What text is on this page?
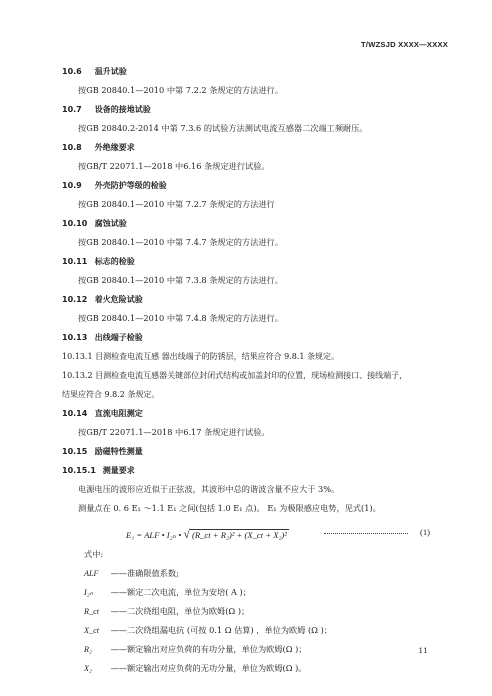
T/WZSJD XXXX—XXXX
10.6 温升试验
按GB 20840.1—2010 中第 7.2.2 条规定的方法进行。
10.7 设备的接地试验
按GB 20840.2-2014 中第 7.3.6 的试验方法测试电流互感器二次端工频耐压。
10.8 外绝缘要求
按GB/T 22071.1—2018 中6.16 条规定进行试验。
10.9 外壳防护等级的检验
按GB 20840.1—2010 中第 7.2.7 条规定的方法进行
10.10 腐蚀试验
按GB 20840.1—2010 中第 7.4.7 条规定的方法进行。
10.11 标志的检验
按GB 20840.1—2010 中第 7.3.8 条规定的方法进行。
10.12 着火危险试验
按GB 20840.1—2010 中第 7.4.8 条规定的方法进行。
10.13 出线端子检验
10.13.1 目测检查电流互感 器出线端子的防锈层，结果应符合 9.8.1 条规定。
10.13.2 目测检查电流互感器关键部位封闭式结构或加盖封印的位置，现场检测接口、接线端子，
结果应符合 9.8.2 条规定。
10.14 直流电阻测定
按GB/T 22071.1—2018 中6.17 条规定进行试验。
10.15 励磁特性测量
10.15.1 测量要求
电源电压的波形应近似于正弦波，其波形中总的谐波含量不应大于 3%。
测量点在 0. 6 E₁ ～1.1 E₁ 之间(包括 1.0 E₁ 点)。 E₁ 为极限感应电势，见式(1)。
E₁ = ALF • I₂ₙ • √ (R_ct + R₂)² + (X_ct + X₂)²	(1)
式中:
ALF ——准确限值系数;
I₂ₙ ——额定二次电流，单位为安培( A )；
R_ct ——二次绕组电阻，单位为欧姆(Ω )；
X_ct ——二次绕组漏电抗 (可按 0.1 Ω 估算) ，单位为欧姆 (Ω )；
R₂ ——额定输出对应负荷的有功分量，单位为欧姆(Ω )；
X₂ ——额定输出对应负荷的无功分量，单位为欧姆(Ω )。
11
